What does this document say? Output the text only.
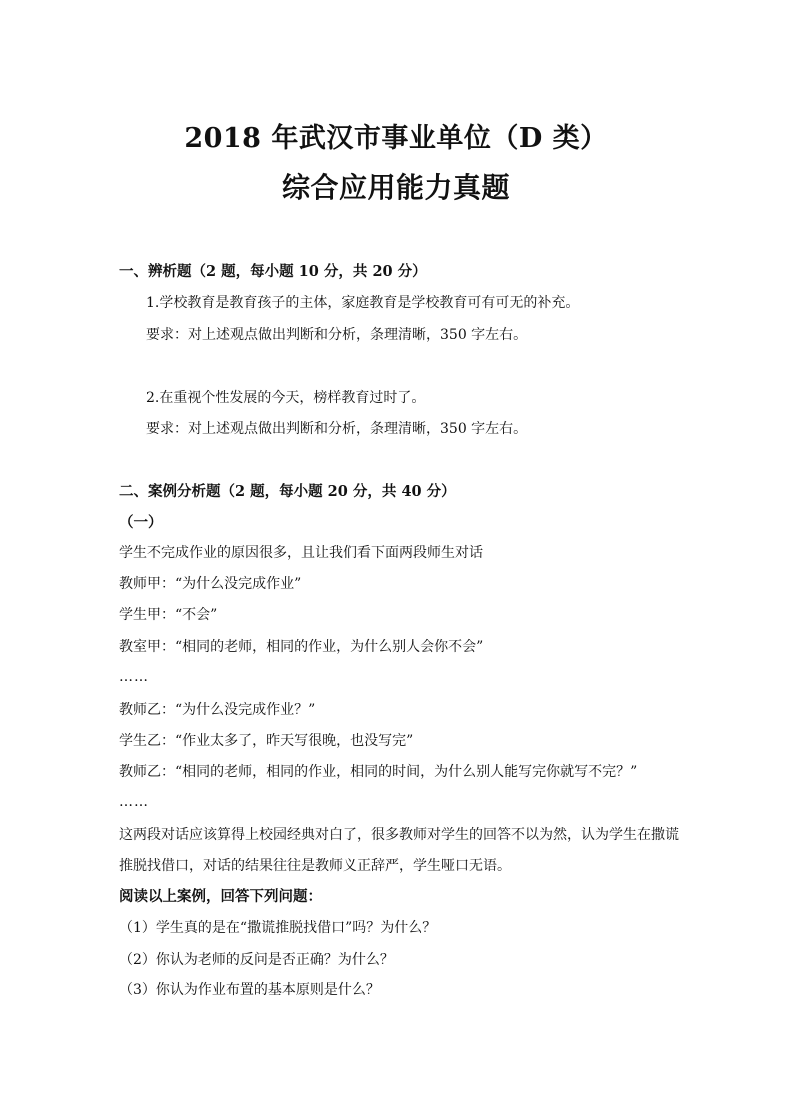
2018 年武汉市事业单位（D 类）
综合应用能力真题
一、辨析题（2 题，每小题 10 分，共 20 分）
1.学校教育是教育孩子的主体，家庭教育是学校教育可有可无的补充。
要求：对上述观点做出判断和分析，条理清晰，350 字左右。
2.在重视个性发展的今天，榜样教育过时了。
要求：对上述观点做出判断和分析，条理清晰，350 字左右。
二、案例分析题（2 题，每小题 20 分，共 40 分）
（一）
学生不完成作业的原因很多，且让我们看下面两段师生对话
教师甲：“为什么没完成作业”
学生甲：“不会”
教室甲：“相同的老师，相同的作业，为什么别人会你不会”
……
教师乙：“为什么没完成作业？”
学生乙：“作业太多了，昨天写很晚，也没写完”
教师乙：“相同的老师，相同的作业，相同的时间，为什么别人能写完你就写不完？”
……
这两段对话应该算得上校园经典对白了，很多教师对学生的回答不以为然，认为学生在撒谎
推脱找借口，对话的结果往往是教师义正辞严，学生哑口无语。
阅读以上案例，回答下列问题：
（1）学生真的是在“撒谎推脱找借口”吗？为什么？
（2）你认为老师的反问是否正确？为什么？
（3）你认为作业布置的基本原则是什么？
